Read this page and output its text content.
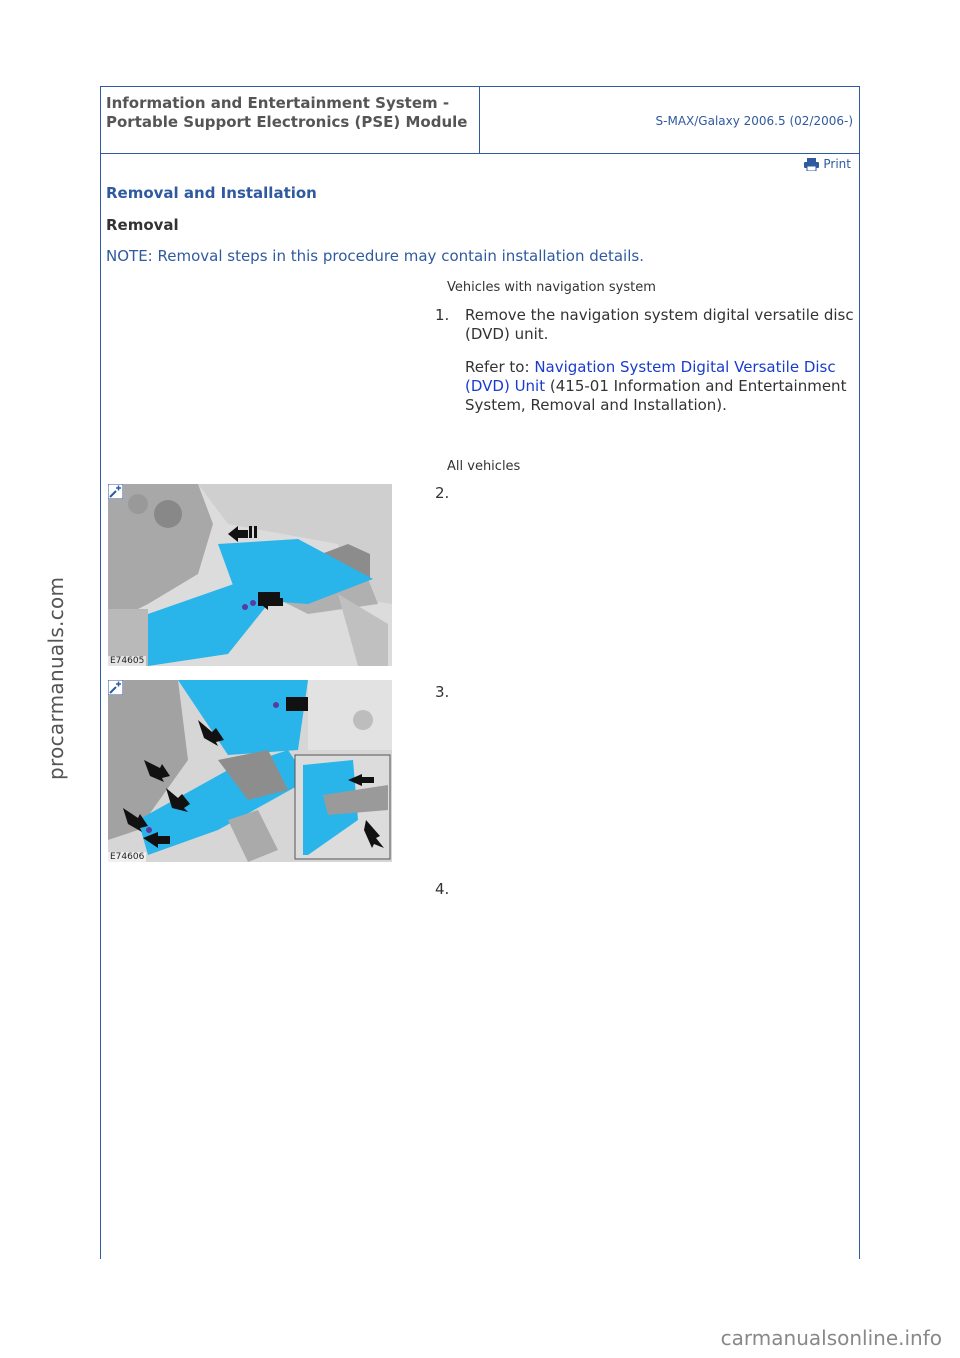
procarmanuals.com
Information and Entertainment System - Portable Support Electronics (PSE) Module	S-MAX/Galaxy 2006.5 (02/2006-)
Print
Removal and Installation
Removal
NOTE: Removal steps in this procedure may contain installation details.
Vehicles with navigation system
1. Remove the navigation system digital versatile disc (DVD) unit.
Refer to: Navigation System Digital Versatile Disc (DVD) Unit (415-01 Information and Entertainment System, Removal and Installation).
All vehicles
E74605
2.
E74606
3.
4.
carmanualsonline.info
